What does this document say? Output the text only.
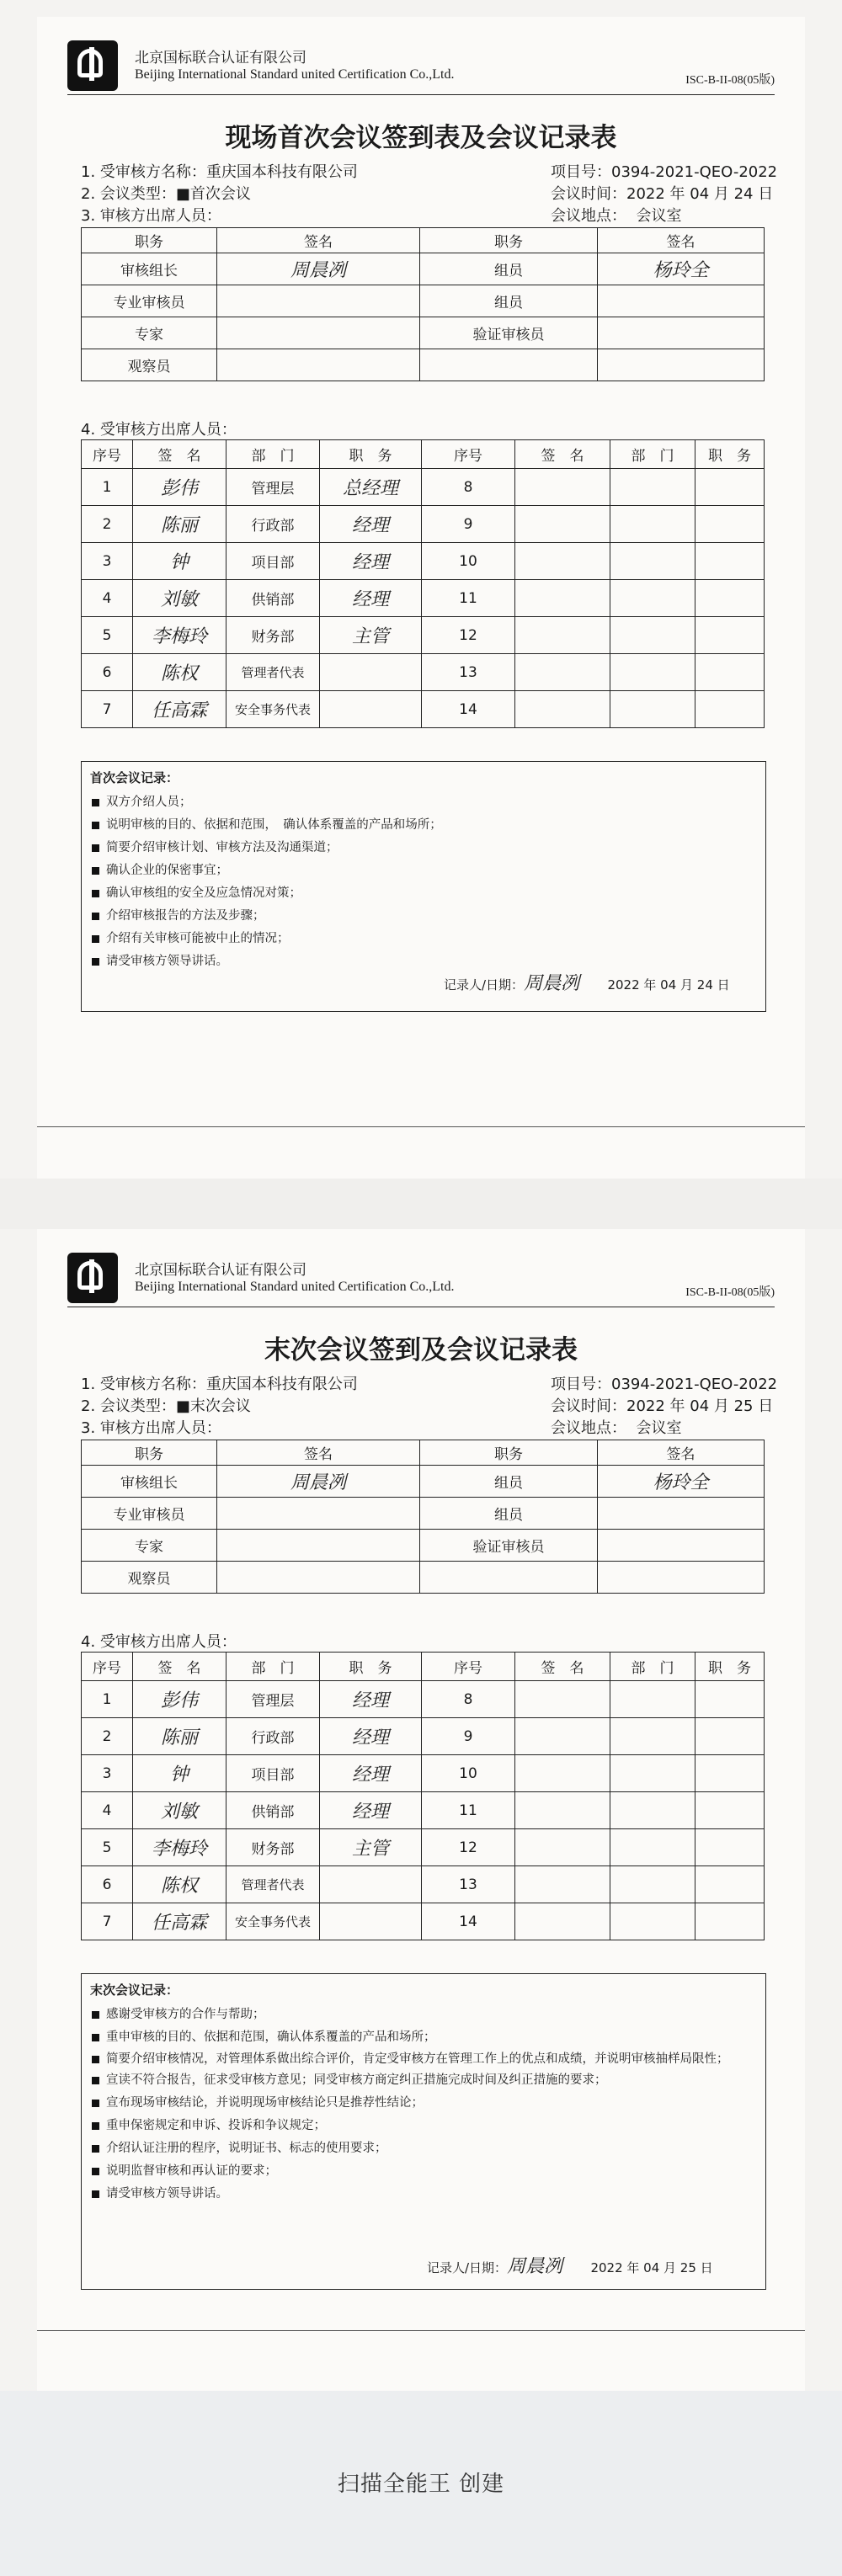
北京国标联合认证有限公司
Beijing International Standard united Certification Co.,Ltd.	ISC-B-II-08(05版)
现场首次会议签到表及会议记录表
1. 受审核方名称：重庆国本科技有限公司	项目号：0394-2021-QEO-2022
2. 会议类型：■首次会议	会议时间：2022 年 04 月 24 日
3. 审核方出席人员：	会议地点： 会议室
职务	签名	职务	签名
审核组长	周晨冽	组员	杨玲全
专业审核员		组员	
专家		验证审核员	
观察员			
4. 受审核方出席人员：
序号	签　名	部　门	职　务	序号	签　名	部　门	职　务
1	彭伟	管理层	总经理	8			
2	陈丽	行政部	经理	9			
3	钟	项目部	经理	10			
4	刘敏	供销部	经理	11			
5	李梅玲	财务部	主管	12			
6	陈权	管理者代表		13			
7	任高霖	安全事务代表		14			
首次会议记录：
双方介绍人员；
说明审核的目的、依据和范围，　确认体系覆盖的产品和场所；
简要介绍审核计划、审核方法及沟通渠道；
确认企业的保密事宜；
确认审核组的安全及应急情况对策；
介绍审核报告的方法及步骤；
介绍有关审核可能被中止的情况；
请受审核方领导讲话。
记录人/日期：周晨冽 2022 年 04 月 24 日
北京国标联合认证有限公司
Beijing International Standard united Certification Co.,Ltd.	ISC-B-II-08(05版)
末次会议签到及会议记录表
1. 受审核方名称：重庆国本科技有限公司	项目号：0394-2021-QEO-2022
2. 会议类型：■末次会议	会议时间：2022 年 04 月 25 日
3. 审核方出席人员：	会议地点： 会议室
职务	签名	职务	签名
审核组长	周晨冽	组员	杨玲全
专业审核员		组员	
专家		验证审核员	
观察员			
4. 受审核方出席人员：
序号	签　名	部　门	职　务	序号	签　名	部　门	职　务
1	彭伟	管理层	经理	8			
2	陈丽	行政部	经理	9			
3	钟	项目部	经理	10			
4	刘敏	供销部	经理	11			
5	李梅玲	财务部	主管	12			
6	陈权	管理者代表		13			
7	任高霖	安全事务代表		14			
末次会议记录：
感谢受审核方的合作与帮助；
重申审核的目的、依据和范围，确认体系覆盖的产品和场所；
简要介绍审核情况，对管理体系做出综合评价，肯定受审核方在管理工作上的优点和成绩，并说明审核抽样局限性；
宣读不符合报告，征求受审核方意见；同受审核方商定纠正措施完成时间及纠正措施的要求；
宣布现场审核结论，并说明现场审核结论只是推荐性结论；
重申保密规定和申诉、投诉和争议规定；
介绍认证注册的程序，说明证书、标志的使用要求；
说明监督审核和再认证的要求；
请受审核方领导讲话。
记录人/日期：周晨冽 2022 年 04 月 25 日
扫描全能王 创建
